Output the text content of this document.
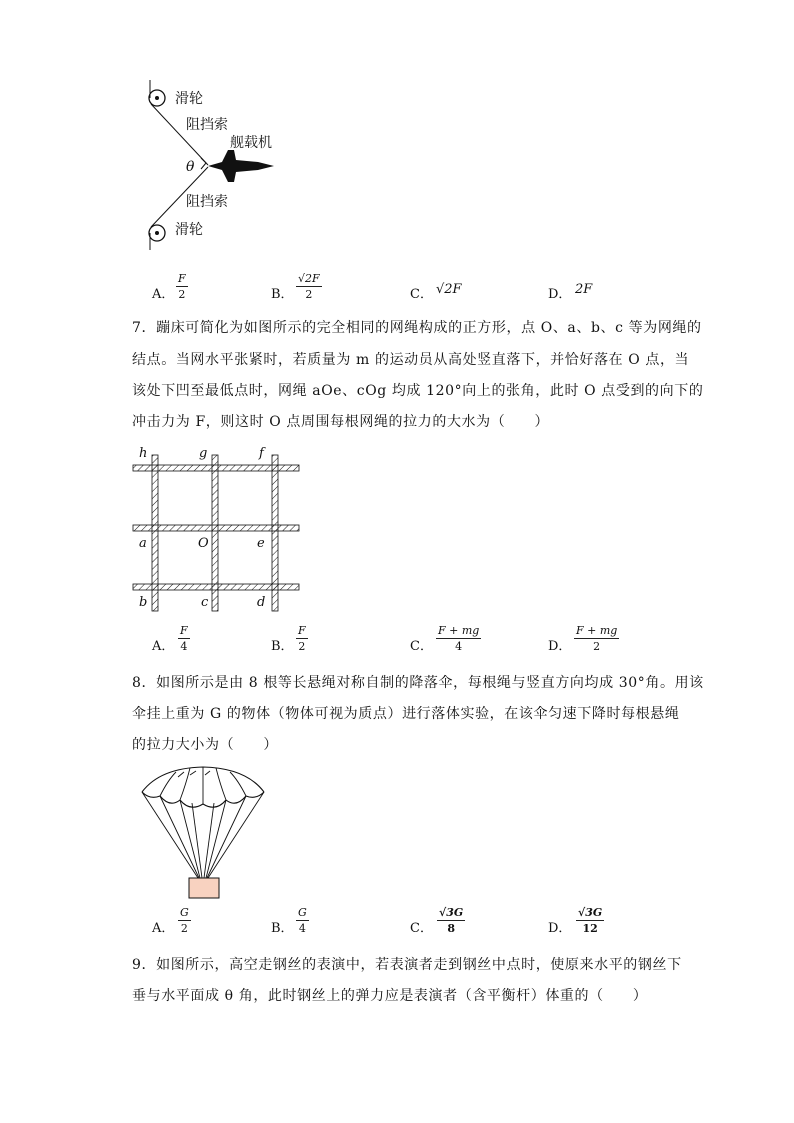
滑轮
阻挡索
舰载机
θ
阻挡索
滑轮
A．
F
2	B．
√2F
2	C． √2F	D． 2F
7．蹦床可简化为如图所示的完全相同的网绳构成的正方形，点 O、a、b、c 等为网绳的
结点。当网水平张紧时，若质量为 m 的运动员从高处竖直落下，并恰好落在 O 点，当
该处下凹至最低点时，网绳 aOe、cOg 均成 120°向上的张角，此时 O 点受到的向下的
冲击力为 F，则这时 O 点周围每根网绳的拉力的大水为（　　）
h	g	f
a	O	e
b	c	d
A．
F
4	B．
F
2	C．
F + mg
4	D．
F + mg
2
8．如图所示是由 8 根等长悬绳对称自制的降落伞，每根绳与竖直方向均成 30°角。用该
伞挂上重为 G 的物体（物体可视为质点）进行落体实验，在该伞匀速下降时每根悬绳
的拉力大小为（　　）
A．
G
2	B．
G
4	C．
√3G
8	D．
√3G
12
9．如图所示，高空走钢丝的表演中，若表演者走到钢丝中点时，使原来水平的钢丝下
垂与水平面成 θ 角，此时钢丝上的弹力应是表演者（含平衡杆）体重的（　　）
